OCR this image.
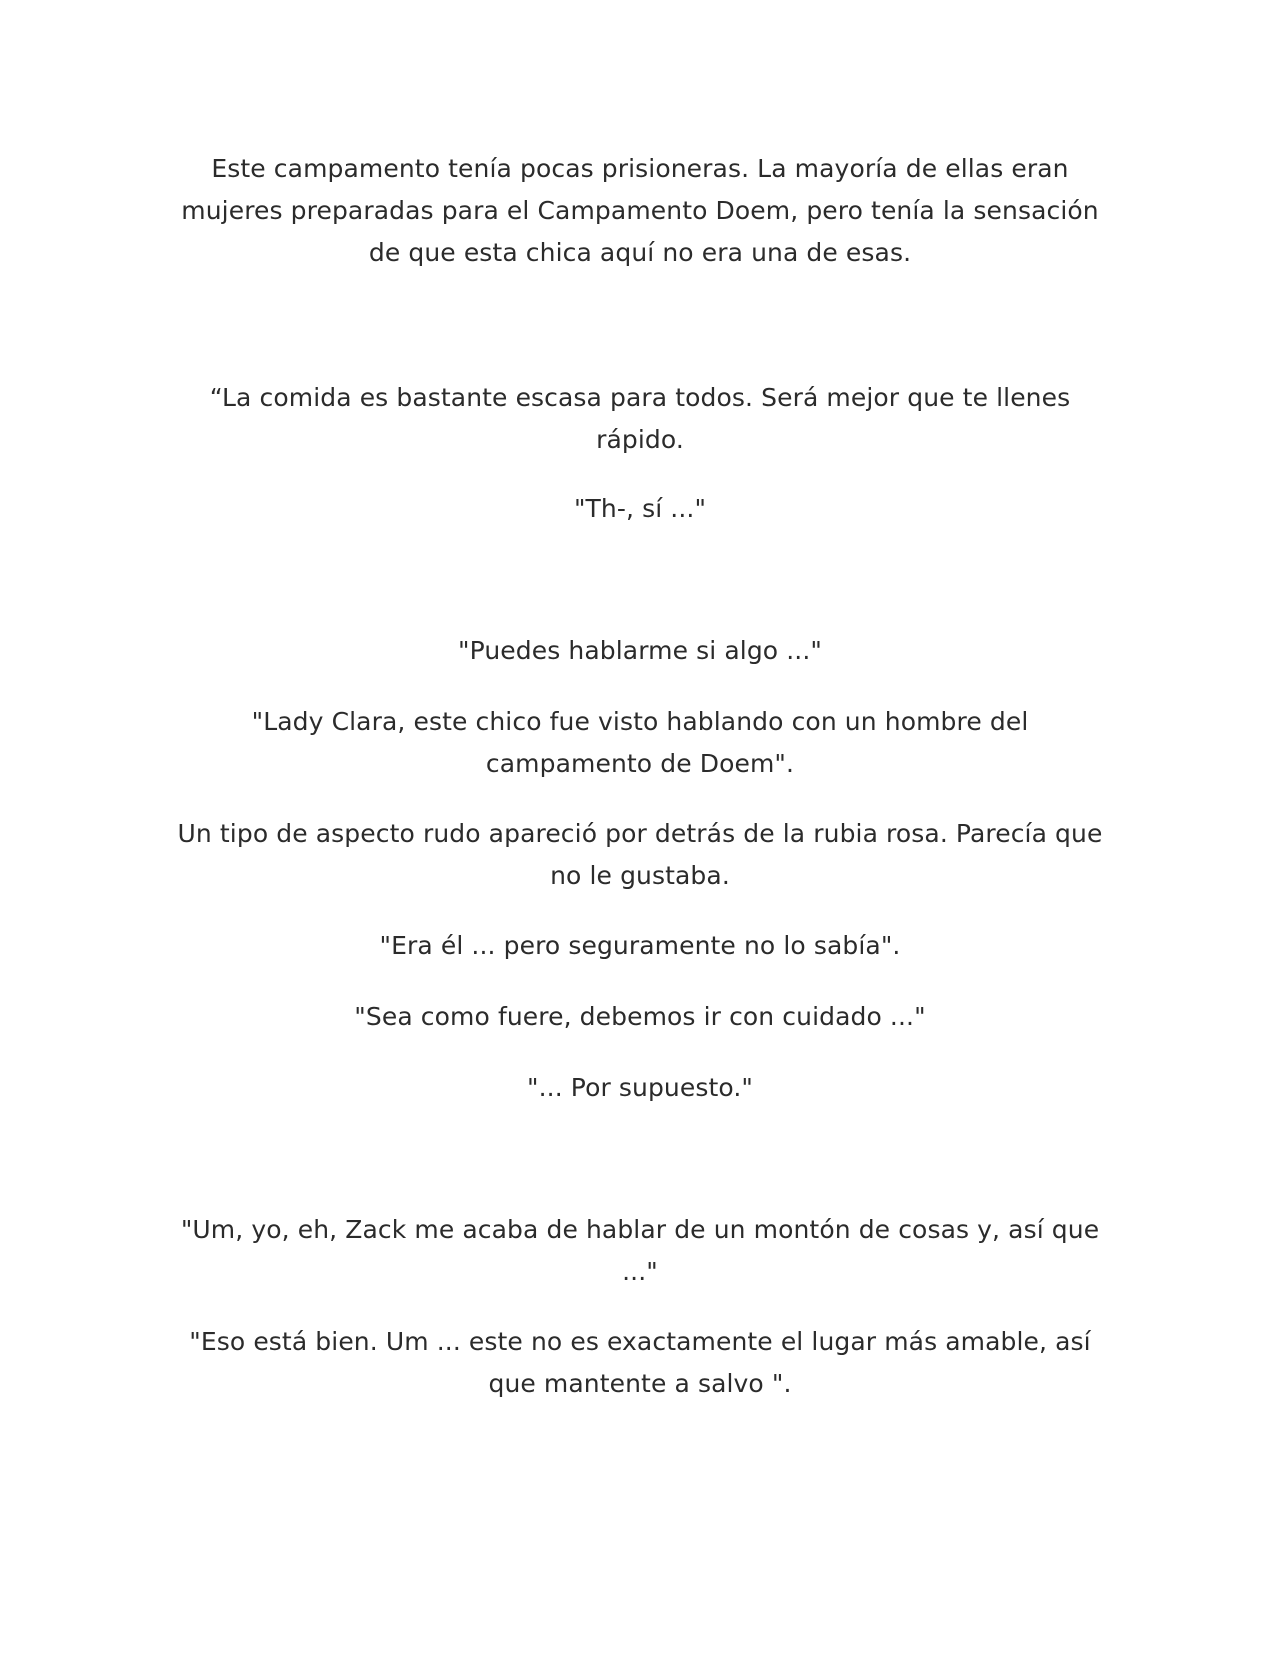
Este campamento tenía pocas prisioneras. La mayoría de ellas eran mujeres preparadas para el Campamento Doem, pero tenía la sensación de que esta chica aquí no era una de esas.

“La comida es bastante escasa para todos. Será mejor que te llenes rápido.

"Th-, sí ..."

"Puedes hablarme si algo ..."

"Lady Clara, este chico fue visto hablando con un hombre del campamento de Doem".

Un tipo de aspecto rudo apareció por detrás de la rubia rosa. Parecía que no le gustaba.

"Era él ... pero seguramente no lo sabía".

"Sea como fuere, debemos ir con cuidado ..."

"... Por supuesto."

"Um, yo, eh, Zack me acaba de hablar de un montón de cosas y, así que ..."

"Eso está bien. Um ... este no es exactamente el lugar más amable, así que mantente a salvo ".
